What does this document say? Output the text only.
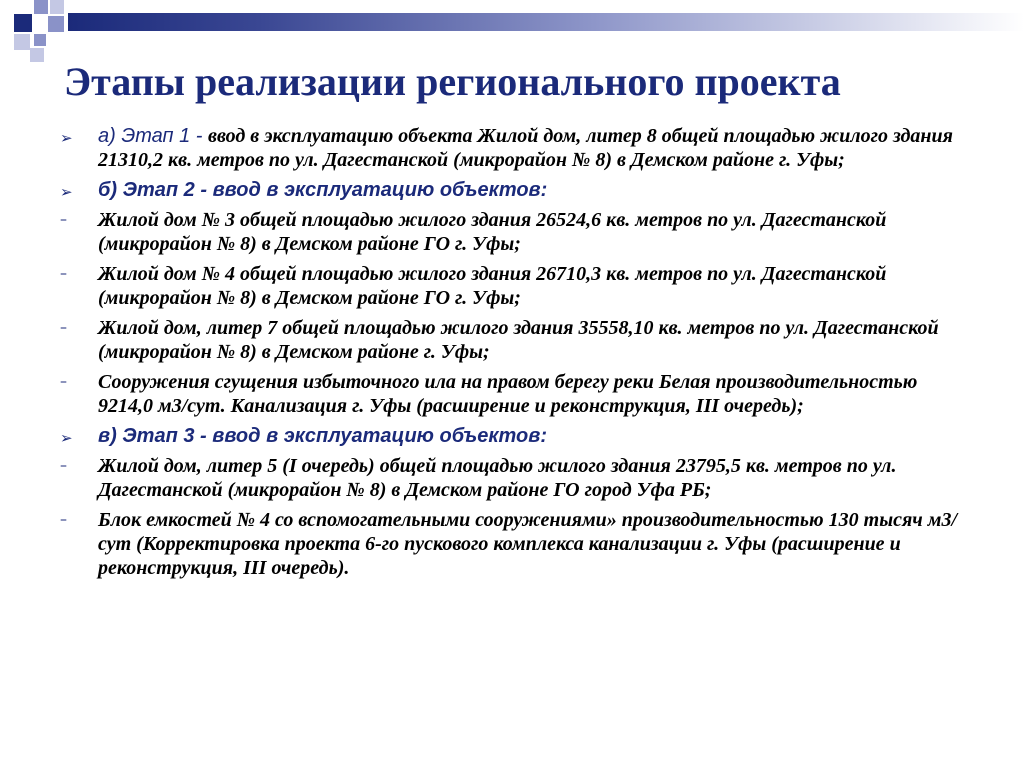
Этапы реализации регионального проекта
➢	а) Этап 1 - ввод в эксплуатацию объекта Жилой дом, литер 8 общей площадью жилого здания 21310,2 кв. метров по ул. Дагестанской (микрорайон № 8) в Демском районе г. Уфы;
➢	б) Этап 2 - ввод в эксплуатацию объектов:
–	Жилой дом № 3 общей площадью жилого здания 26524,6 кв. метров по ул. Дагестанской (микрорайон № 8) в Демском районе ГО г. Уфы;
–	Жилой дом № 4 общей площадью жилого здания 26710,3 кв. метров по ул. Дагестанской (микрорайон № 8) в Демском районе ГО г. Уфы;
–	Жилой дом, литер 7 общей площадью жилого здания 35558,10 кв. метров по ул. Дагестанской (микрорайон № 8) в Демском районе г. Уфы;
–	Сооружения сгущения избыточного ила на правом берегу реки Белая производительностью 9214,0 м3/сут. Канализация г. Уфы (расширение и реконструкция, III очередь);
➢	в) Этап 3 - ввод в эксплуатацию объектов:
–	Жилой дом, литер 5 (I очередь) общей площадью жилого здания 23795,5 кв. метров по ул. Дагестанской (микрорайон № 8) в Демском районе ГО город Уфа РБ;
–	Блок емкостей № 4 со вспомогательными сооружениями» производительностью 130 тысяч м3/сут (Корректировка проекта 6-го пускового комплекса канализации г. Уфы (расширение и реконструкция, III очередь).
